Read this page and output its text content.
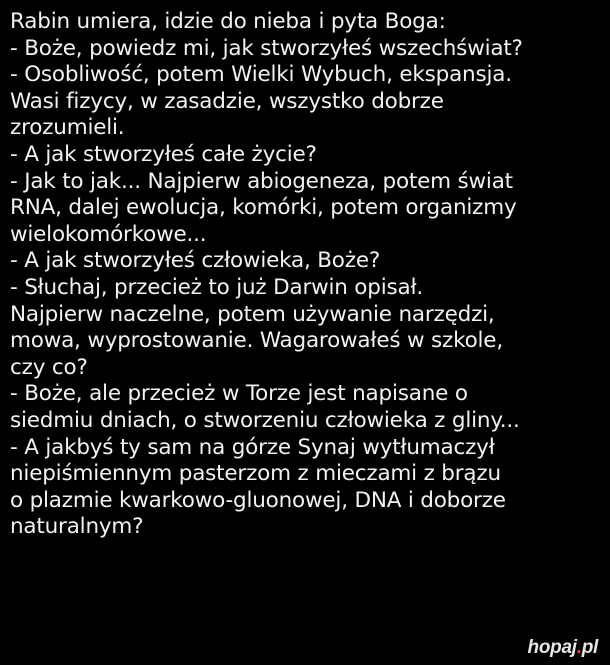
Rabin umiera, idzie do nieba i pyta Boga:
- Boże, powiedz mi, jak stworzyłeś wszechświat?
- Osobliwość, potem Wielki Wybuch, ekspansja.
Wasi fizycy, w zasadzie, wszystko dobrze
zrozumieli.
- A jak stworzyłeś całe życie?
- Jak to jak... Najpierw abiogeneza, potem świat
RNA, dalej ewolucja, komórki, potem organizmy
wielokomórkowe...
- A jak stworzyłeś człowieka, Boże?
- Słuchaj, przecież to już Darwin opisał.
Najpierw naczelne, potem używanie narzędzi,
mowa, wyprostowanie. Wagarowałeś w szkole,
czy co?
- Boże, ale przecież w Torze jest napisane o
siedmiu dniach, o stworzeniu człowieka z gliny...
- A jakbyś ty sam na górze Synaj wytłumaczył
niepiśmiennym pasterzom z mieczami z brązu
o plazmie kwarkowo-gluonowej, DNA i doborze
naturalnym?
hopaj.pl
